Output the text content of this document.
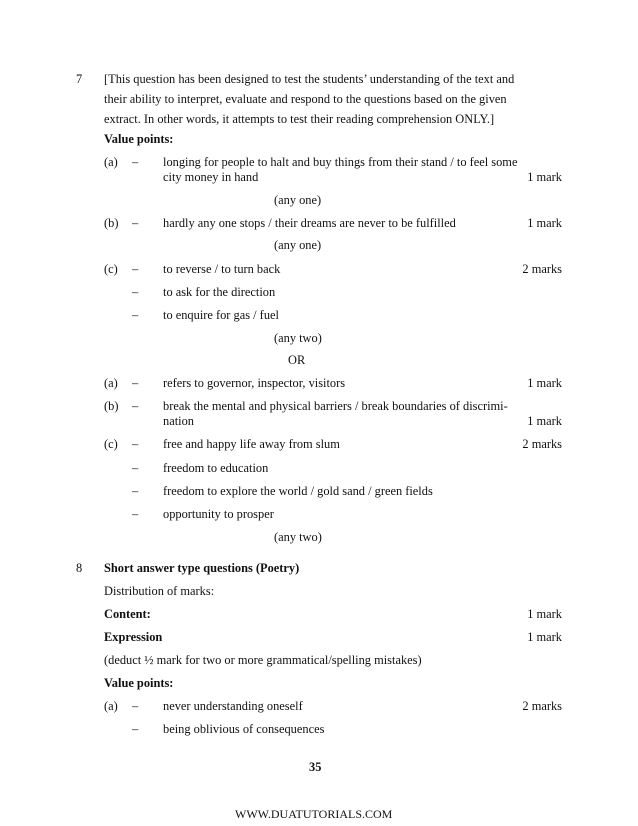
7 [This question has been designed to test the students’ understanding of the text and
their ability to interpret, evaluate and respond to the questions based on the given
extract. In other words, it attempts to test their reading comprehension ONLY.]
Value points:
(a) – longing for people to halt and buy things from their stand / to feel some
city money in hand	1 mark
(any one)
(b) – hardly any one stops / their dreams are never to be fulfilled	1 mark
(any one)
(c) – to reverse / to turn back	2 marks
– to ask for the direction
– to enquire for gas / fuel
(any two)
OR
(a) – refers to governor, inspector, visitors	1 mark
(b) – break the mental and physical barriers / break boundaries of discrimi-
nation	1 mark
(c) – free and happy life away from slum	2 marks
– freedom to education
– freedom to explore the world / gold sand / green fields
– opportunity to prosper
(any two)
8 Short answer type questions (Poetry)
Distribution of marks:
Content:	1 mark
Expression	1 mark
(deduct ½ mark for two or more grammatical/spelling mistakes)
Value points:
(a) – never understanding oneself	2 marks
– being oblivious of consequences
35
WWW.DUATUTORIALS.COM
